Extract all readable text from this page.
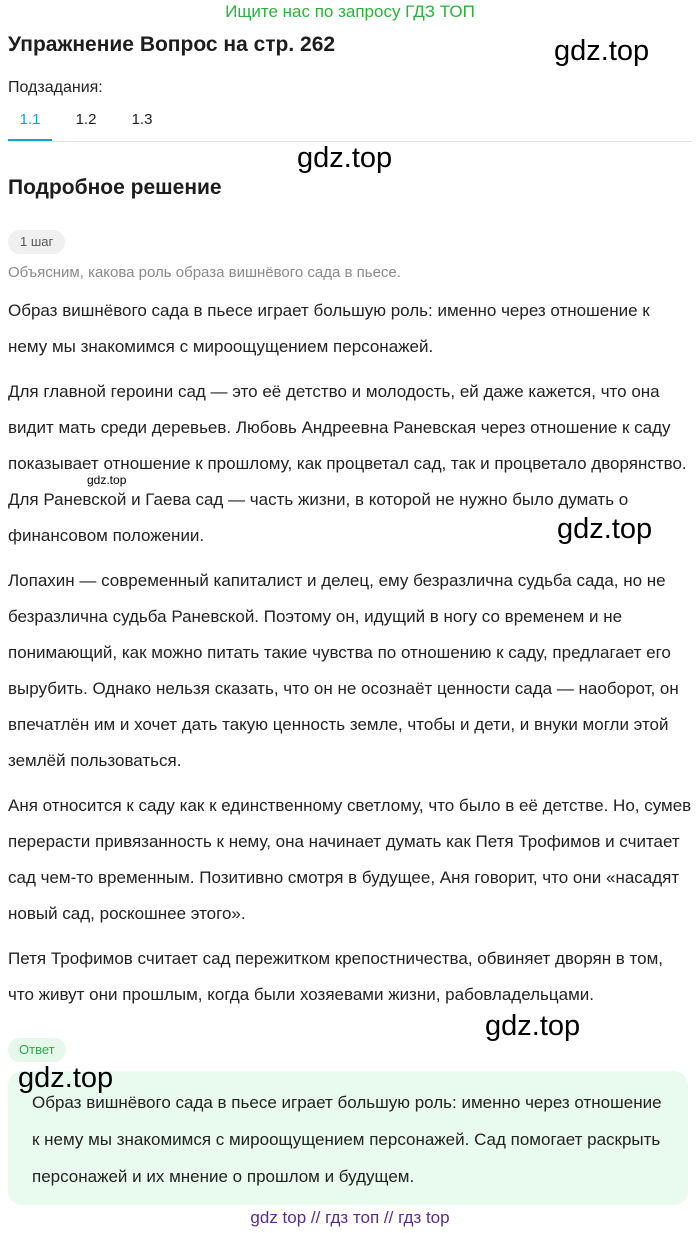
Ищите нас по запросу ГДЗ ТОП
Упражнение Вопрос на стр. 262	gdz.top
Подзадания:
1.1	1.2	1.3
gdz.top
Подробное решение
1 шаг
Объясним, какова роль образа вишнёвого сада в пьесе.

Образ вишнёвого сада в пьесе играет большую роль: именно через отношение к нему мы знакомимся с мироощущением персонажей.

Для главной героини сад — это её детство и молодость, ей даже кажется, что она видит мать среди деревьев. Любовь Андреевна Раневская через отношение к саду показывает отношение к прошлому, как процветал сад, так и процветало дворянство. Для Раневской и Гаева сад — часть жизни, в которой не нужно было думать о финансовом положении.

gdz.top
gdz.top

Лопахин — современный капиталист и делец, ему безразлична судьба сада, но не безразлична судьба Раневской. Поэтому он, идущий в ногу со временем и не понимающий, как можно питать такие чувства по отношению к саду, предлагает его вырубить. Однако нельзя сказать, что он не осознаёт ценности сада — наоборот, он впечатлён им и хочет дать такую ценность земле, чтобы и дети, и внуки могли этой землёй пользоваться.

Аня относится к саду как к единственному светлому, что было в её детстве. Но, сумев перерасти привязанность к нему, она начинает думать как Петя Трофимов и считает сад чем-то временным. Позитивно смотря в будущее, Аня говорит, что они «насадят новый сад, роскошнее этого».

Петя Трофимов считает сад пережитком крепостничества, обвиняет дворян в том, что живут они прошлым, когда были хозяевами жизни, рабовладельцами.

gdz.top
Ответ

Образ вишнёвого сада в пьесе играет большую роль: именно через отношение к нему мы знакомимся с мироощущением персонажей. Сад помогает раскрыть персонажей и их мнение о прошлом и будущем.

gdz.top
gdz top // гдз топ // гдз top
